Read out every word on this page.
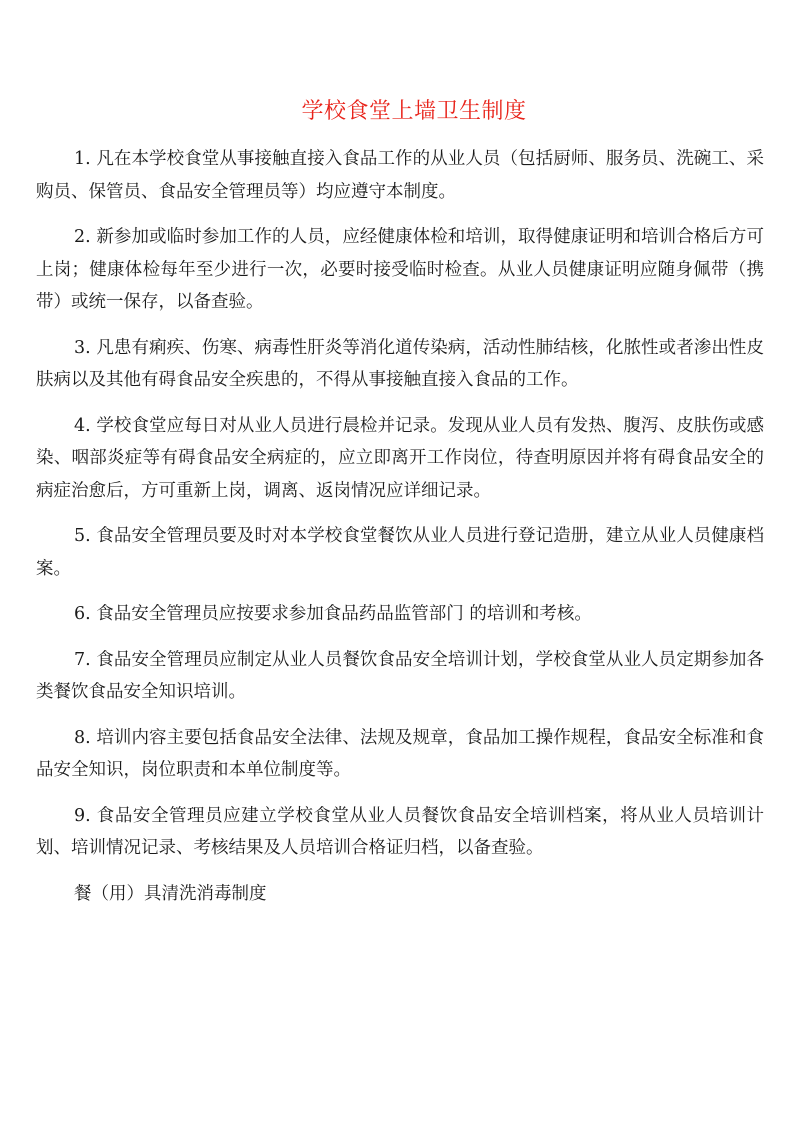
学校食堂上墙卫生制度

1. 凡在本学校食堂从事接触直接入食品工作的从业人员（包括厨师、服务员、洗碗工、采购员、保管员、食品安全管理员等）均应遵守本制度。

2. 新参加或临时参加工作的人员，应经健康体检和培训，取得健康证明和培训合格后方可上岗；健康体检每年至少进行一次，必要时接受临时检查。从业人员健康证明应随身佩带（携带）或统一保存，以备查验。

3. 凡患有痢疾、伤寒、病毒性肝炎等消化道传染病，活动性肺结核，化脓性或者渗出性皮肤病以及其他有碍食品安全疾患的，不得从事接触直接入食品的工作。

4. 学校食堂应每日对从业人员进行晨检并记录。发现从业人员有发热、腹泻、皮肤伤或感染、咽部炎症等有碍食品安全病症的，应立即离开工作岗位，待查明原因并将有碍食品安全的病症治愈后，方可重新上岗，调离、返岗情况应详细记录。

5. 食品安全管理员要及时对本学校食堂餐饮从业人员进行登记造册，建立从业人员健康档案。

6. 食品安全管理员应按要求参加食品药品监管部门 的培训和考核。

7. 食品安全管理员应制定从业人员餐饮食品安全培训计划，学校食堂从业人员定期参加各类餐饮食品安全知识培训。

8. 培训内容主要包括食品安全法律、法规及规章，食品加工操作规程，食品安全标准和食品安全知识，岗位职责和本单位制度等。

9. 食品安全管理员应建立学校食堂从业人员餐饮食品安全培训档案，将从业人员培训计划、培训情况记录、考核结果及人员培训合格证归档，以备查验。

餐（用）具清洗消毒制度
